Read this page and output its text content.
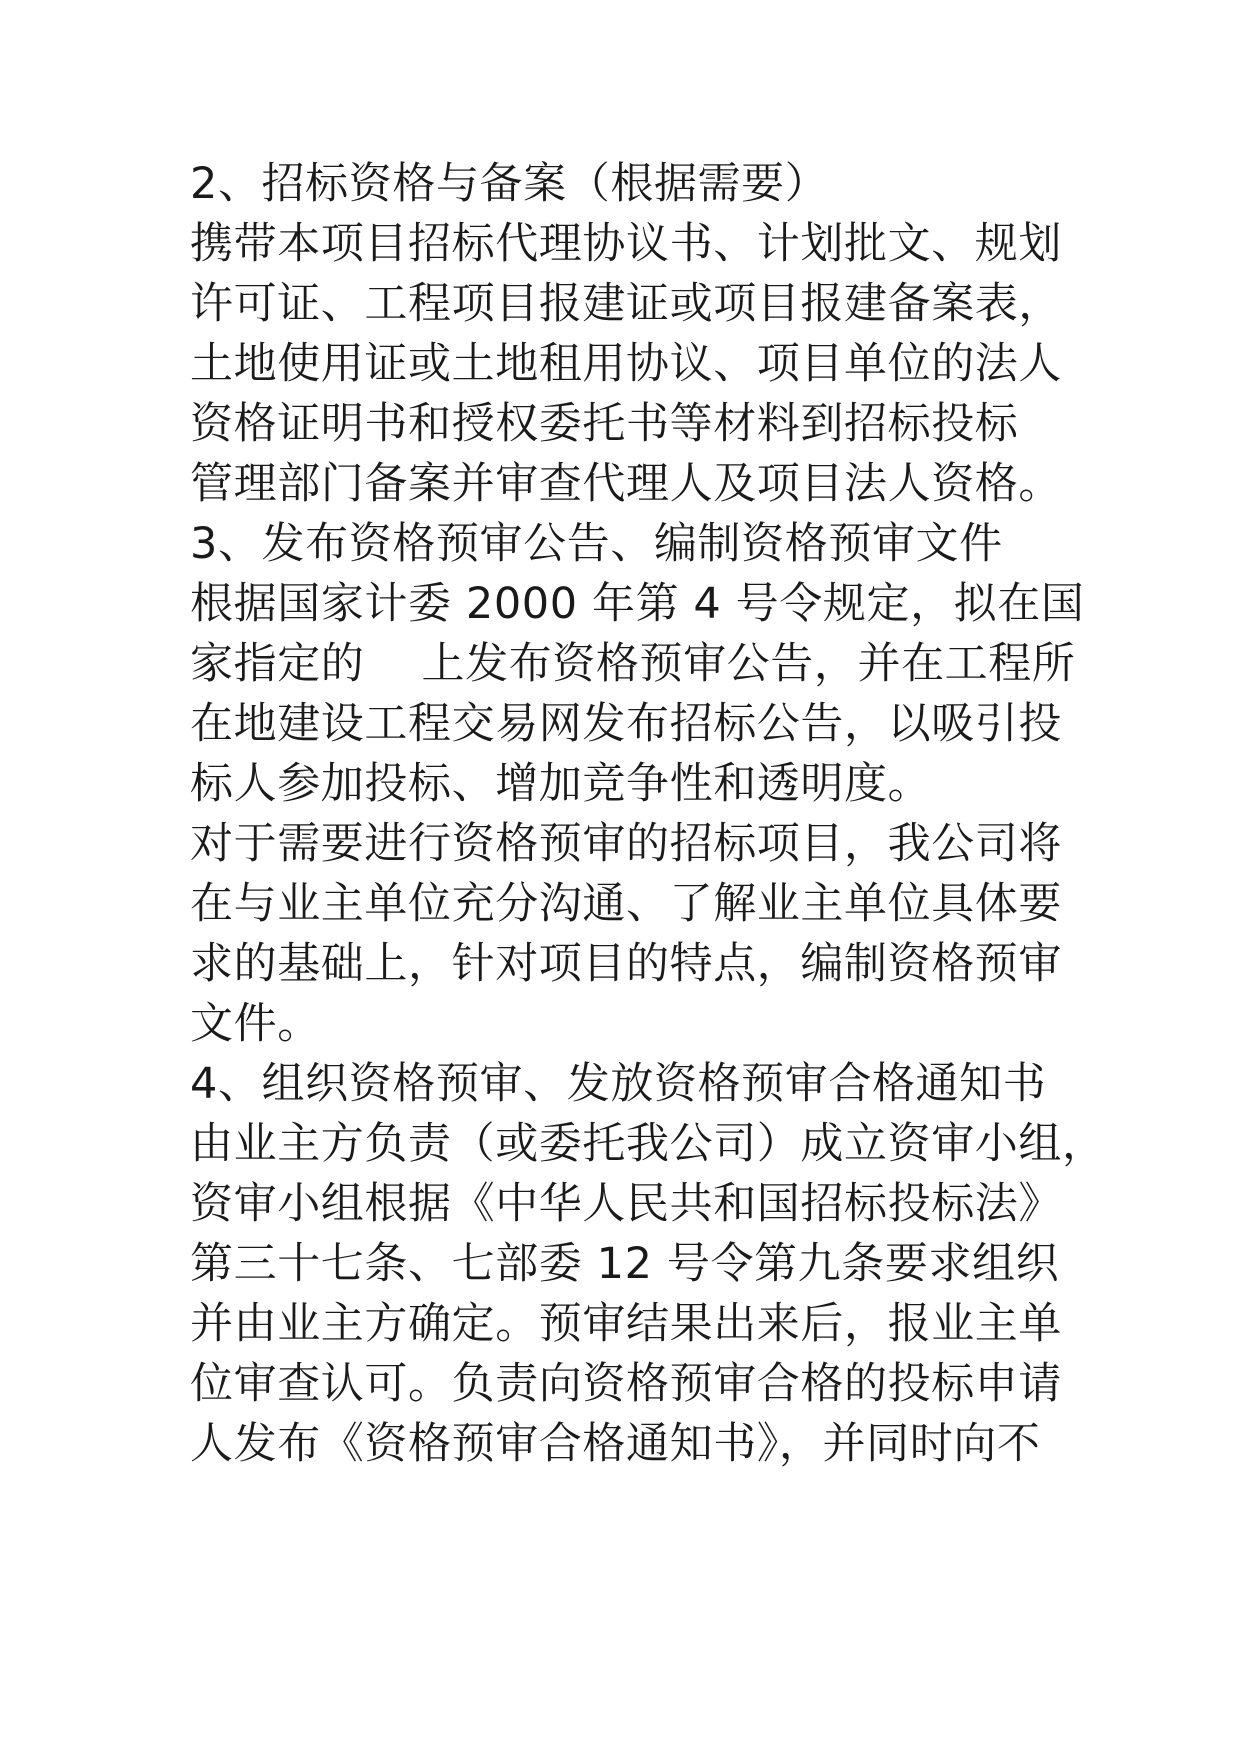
2、招标资格与备案（根据需要）
携带本项目招标代理协议书、计划批文、规划
许可证、工程项目报建证或项目报建备案表，
土地使用证或土地租用协议、项目单位的法人
资格证明书和授权委托书等材料到招标投标
管理部门备案并审查代理人及项目法人资格。
3、发布资格预审公告、编制资格预审文件
根据国家计委 2000 年第 4 号令规定，拟在国
家指定的    上发布资格预审公告，并在工程所
在地建设工程交易网发布招标公告，以吸引投
标人参加投标、增加竞争性和透明度。
对于需要进行资格预审的招标项目，我公司将
在与业主单位充分沟通、了解业主单位具体要
求的基础上，针对项目的特点，编制资格预审
文件。
4、组织资格预审、发放资格预审合格通知书
由业主方负责（或委托我公司）成立资审小组，
资审小组根据《中华人民共和国招标投标法》
第三十七条、七部委 12 号令第九条要求组织
并由业主方确定。预审结果出来后，报业主单
位审查认可。负责向资格预审合格的投标申请
人发布《资格预审合格通知书》，并同时向不
